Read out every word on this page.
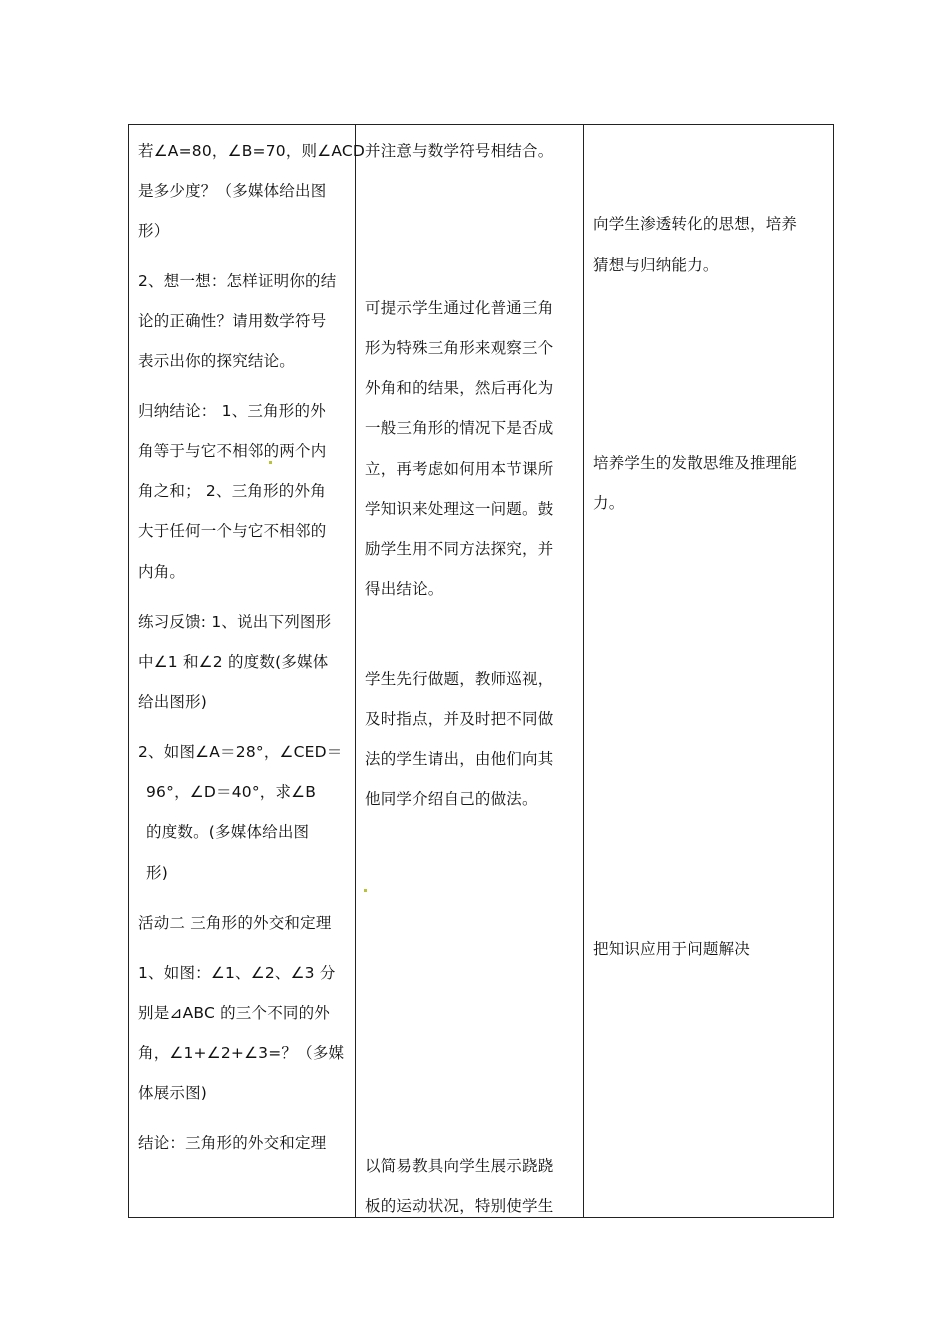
若∠A=80，∠B=70，则∠ACD
是多少度？（多媒体给出图
形）
2、想一想：怎样证明你的结
论的正确性？请用数学符号
表示出你的探究结论。
归纳结论： 1、三角形的外
角等于与它不相邻的两个内
角之和； 2、三角形的外角
大于任何一个与它不相邻的
内角。
练习反馈: 1、说出下列图形
中∠1 和∠2 的度数(多媒体
给出图形)
2、如图∠A＝28°，∠CED＝
96°，∠D＝40°，求∠B
的度数。(多媒体给出图
形)
活动二 三角形的外交和定理
1、如图：∠1、∠2、∠3 分
别是⊿ABC 的三个不同的外
角，∠1+∠2+∠3=？（多媒
体展示图)
结论：三角形的外交和定理
并注意与数学符号相结合。
可提示学生通过化普通三角
形为特殊三角形来观察三个
外角和的结果，然后再化为
一般三角形的情况下是否成
立，再考虑如何用本节课所
学知识来处理这一问题。鼓
励学生用不同方法探究，并
得出结论。
学生先行做题，教师巡视，
及时指点，并及时把不同做
法的学生请出，由他们向其
他同学介绍自己的做法。
以简易教具向学生展示跷跷
板的运动状况，特别使学生
向学生渗透转化的思想，培养
猜想与归纳能力。
培养学生的发散思维及推理能
力。
把知识应用于问题解决
